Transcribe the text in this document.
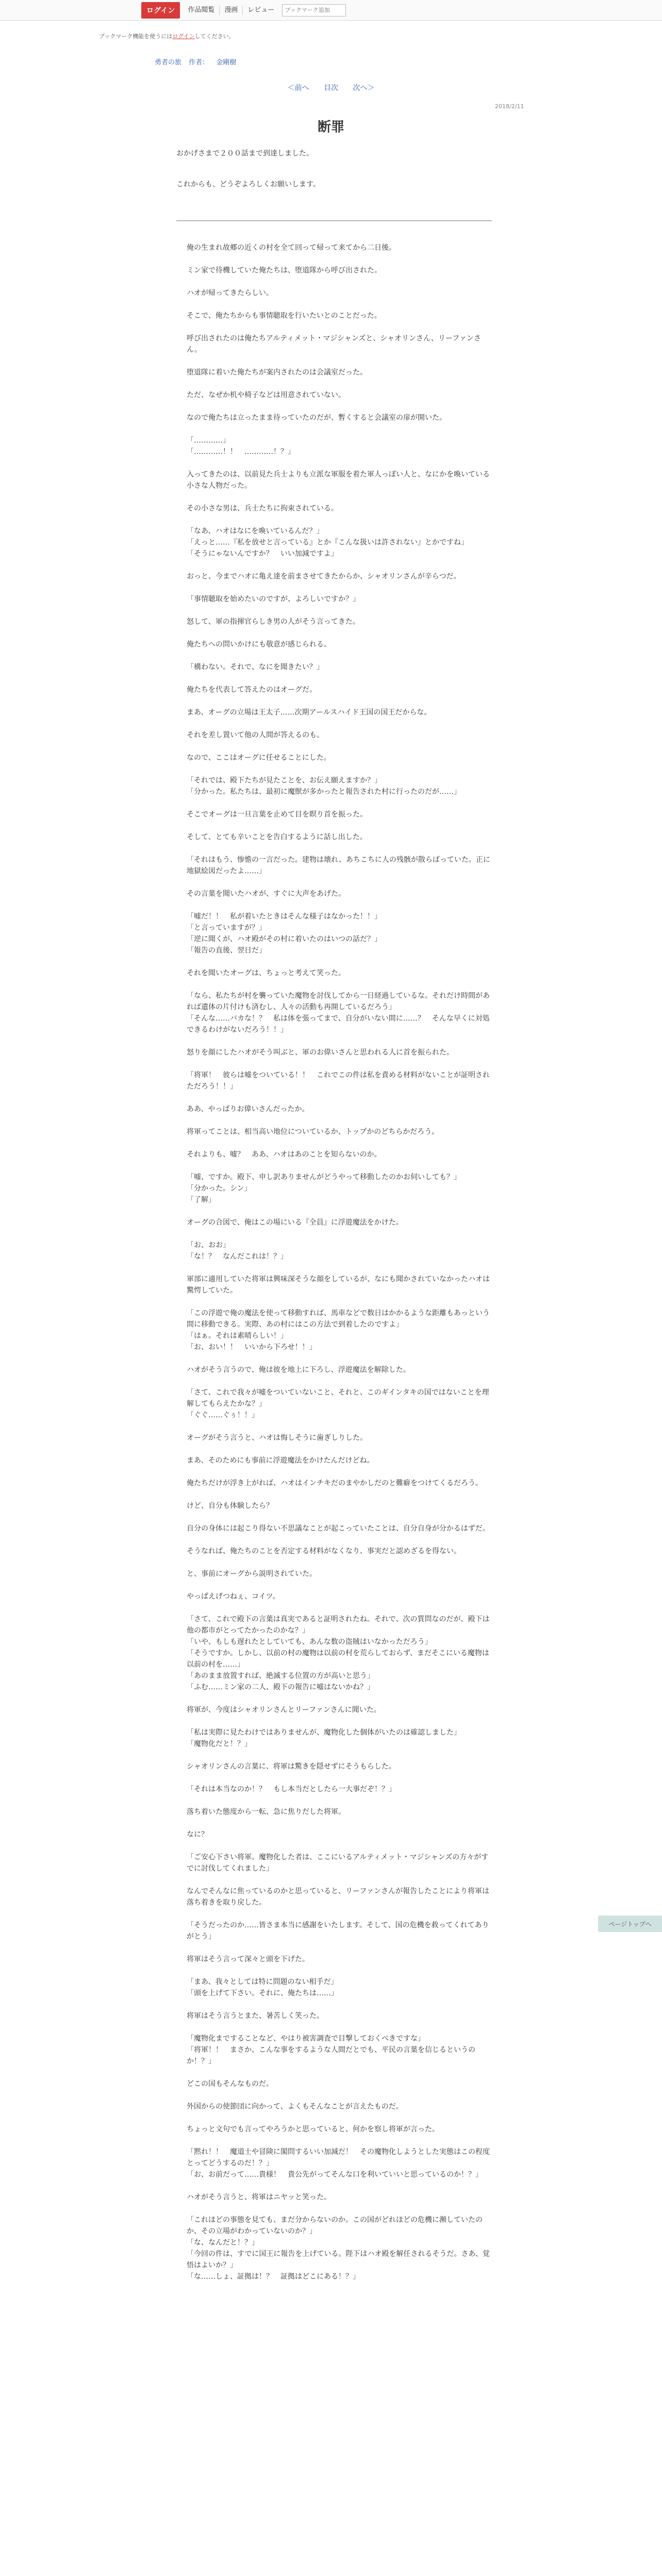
ログイン	作品閲覧	漫画	レビュー
ブックマーク追加
ブックマーク機能を使うにはログインしてください。
勇者の旅 作者： 金剛樹
＜前へ 目次 次へ＞
2018/2/11
断罪

おかげさまで２００話まで到達しました。

これからも、どうぞよろしくお願いします。

俺の生まれ故郷の近くの村を全て回って帰って来てから二日後。

ミン家で待機していた俺たちは、堕道隊から呼び出された。

ハオが帰ってきたらしい。

そこで、俺たちからも事情聴取を行いたいとのことだった。

呼び出されたのは俺たちアルティメット・マジシャンズと、シャオリンさん、リーファンさん。

堕道隊に着いた俺たちが案内されたのは会議室だった。

ただ、なぜか机や椅子などは用意されていない。

なので俺たちは立ったまま待っていたのだが、暫くすると会議室の扉が開いた。

「…………」
「…………！！　…………！？」

入ってきたのは、以前見た兵士よりも立派な軍服を着た軍人っぽい人と、なにかを喚いている小さな人物だった。

その小さな男は、兵士たちに拘束されている。

「なあ、ハオはなにを喚いているんだ？」
「えっと……『私を放せと言っている』とか『こんな扱いは許されない』とかですね」
「そうにゃないんですか？　いい加減ですよ」

おっと、今までハオに亀え達を前まさせてきたからか、シャオリンさんが辛らつだ。

「事情聴取を始めたいのですが、よろしいですか？」

怒して、軍の指揮官らしき男の人がそう言ってきた。

俺たちへの問いかけにも敬意が感じられる。

「構わない。それで、なにを聞きたい？」

俺たちを代表して答えたのはオーグだ。

まあ、オーグの立場は王太子……次期アールスハイド王国の国王だからな。

それを差し置いて他の人間が答えるのも。

なので、ここはオーグに任せることにした。

「それでは、殿下たちが見たことを、お伝え願えますか？」
「分かった。私たちは、最初に魔獣が多かったと報告された村に行ったのだが……」

そこでオーグは一旦言葉を止めて目を瞑り首を振った。

そして、とても辛いことを告白するように話し出した。

「それはもう、惨憺の一言だった。建物は壊れ、あちこちに人の残骸が散らばっていた。正に地獄絵図だったよ……」

その言葉を聞いたハオが、すぐに大声をあげた。

「嘘だ！！　私が着いたときはそんな様子はなかった！！」
「と言っていますが？」
「逆に聞くが、ハオ殿がその村に着いたのはいつの話だ？」
「報告の直後、翌日だ」

それを聞いたオーグは、ちょっと考えて笑った。

「なら、私たちが村を襲っていた魔物を討伐してから一日経過しているな。それだけ時間があれば遺体の片付けも済むし、人々の活動も再開しているだろう」
「そんな……バカな！？　私は体を張ってまで、自分がいない間に……？　そんな早くに対処できるわけがないだろう！！」

怒りを顔にしたハオがそう叫ぶと、軍のお偉いさんと思われる人に首を振られた。

「将軍！　彼らは嘘をついている！！　これでこの件は私を責める材料がないことが証明されただろう！！」

ああ、やっぱりお偉いさんだったか。

将軍ってことは、相当高い地位についているか、トップかのどちらかだろう。

それよりも、嘘？　ああ、ハオはあのことを知らないのか。

「嘘、ですか。殿下、申し訳ありませんがどうやって移動したのかお伺いしても？」
「分かった。シン」
「了解」

オーグの合図で、俺はこの場にいる『全員』に浮遊魔法をかけた。

「お、おお」
「な！？　なんだこれは！？」

軍部に適用していた将軍は興味深そうな顔をしているが、なにも聞かされていなかったハオは驚愕していた。

「この浮遊で俺の魔法を使って移動すれば、馬車などで数日はかかるような距離もあっという間に移動できる。実際、あの村にはこの方法で到着したのですよ」
「はぁ。それは素晴らしい！」
「お、おい！！　いいから下ろせ！！」

ハオがそう言うので、俺は彼を地上に下ろし、浮遊魔法を解除した。

「さて、これで我々が嘘をついていないこと、それと、このギインタキの国ではないことを理解してもらえたかな？」
「ぐぐ……ぐぅ！！」

オーグがそう言うと、ハオは悔しそうに歯ぎしりした。

まあ、そのためにも事前に浮遊魔法をかけたんだけどね。

俺たちだけが浮き上がれば、ハオはインチキだのまやかしだのと難癖をつけてくるだろう。

けど、自分も体験したら？

自分の身体には起こり得ない不思議なことが起こっていたことは、自分自身が分かるはずだ。

そうなれば、俺たちのことを否定する材料がなくなり、事実だと認めざるを得ない。

と、事前にオーグから説明されていた。

やっぱえげつねぇ、コイツ。

「さて、これで殿下の言葉は真実であると証明されたね。それで、次の質問なのだが、殿下は他の都市がとってたかったのかな？」
「いや、もしも遅れたとしていても、あんな数の盗賊はいなかっただろう」
「そうですか。しかし、以前の村の魔物は以前の村を荒らしておらず、まだそこにいる魔物は以前の村を……」
「あのまま放置すれば、絶滅する位置の方が高いと思う」
「ふむ……ミン家の二人、殿下の報告に嘘はないかね？」

将軍が、今度はシャオリンさんとリーファンさんに聞いた。

「私は実際に見たわけではありませんが、魔物化した個体がいたのは確認しました」
「魔物化だと！？」

シャオリンさんの言葉に、将軍は驚きを隠せずにそうもらした。

「それは本当なのか！？　もし本当だとしたら一大事だぞ！？」

落ち着いた態度から一転、急に焦りだした将軍。

なに？

「ご安心下さい将軍。魔物化した者は、ここにいるアルティメット・マジシャンズの方々がすでに討伐してくれました」

なんでそんなに焦っているのかと思っていると、リーファンさんが報告したことにより将軍は落ち着きを取り戻した。

「そうだったのか……皆さま本当に感謝をいたします。そして、国の危機を救ってくれてありがとう」

将軍はそう言って深々と頭を下げた。

「まあ、我々としては特に問題のない相手だ」
「頭を上げて下さい。それに、俺たちは……」

将軍はそう言うとまた、暑苦しく笑った。

「魔物化まですることなど、やはり被害調査で目撃しておくべきですな」
「将軍！！　まさか、こんな事をするような人間だとでも、平民の言葉を信じるというのか！？」

どこの国もそんなものだ。

外国からの使節団に向かって、よくもそんなことが言えたものだ。

ちょっと文句でも言ってやろうかと思っていると、何かを察し将軍が言った。

「黙れ！！　魔道士や冒険に閣問するいい加減だ！　その魔物化しようとした実態はこの程度とってどうするのだ！？」
「お、お前だって……貴様！　貴公先がってそんな口を利いていいと思っているのか！？」

ハオがそう言うと、将軍はニヤッと笑った。

「これほどの事態を見ても、まだ分からないのか。この国がどれほどの危機に瀕していたのか、その立場がわかっていないのか？」
「な、なんだと！？」
「今回の件は、すでに国王に報告を上げている。陛下はハオ殿を解任されるそうだ。さあ、覚悟はよいか？」
「な……しょ、証拠は！？　証拠はどこにある！？」

ページトップへ
